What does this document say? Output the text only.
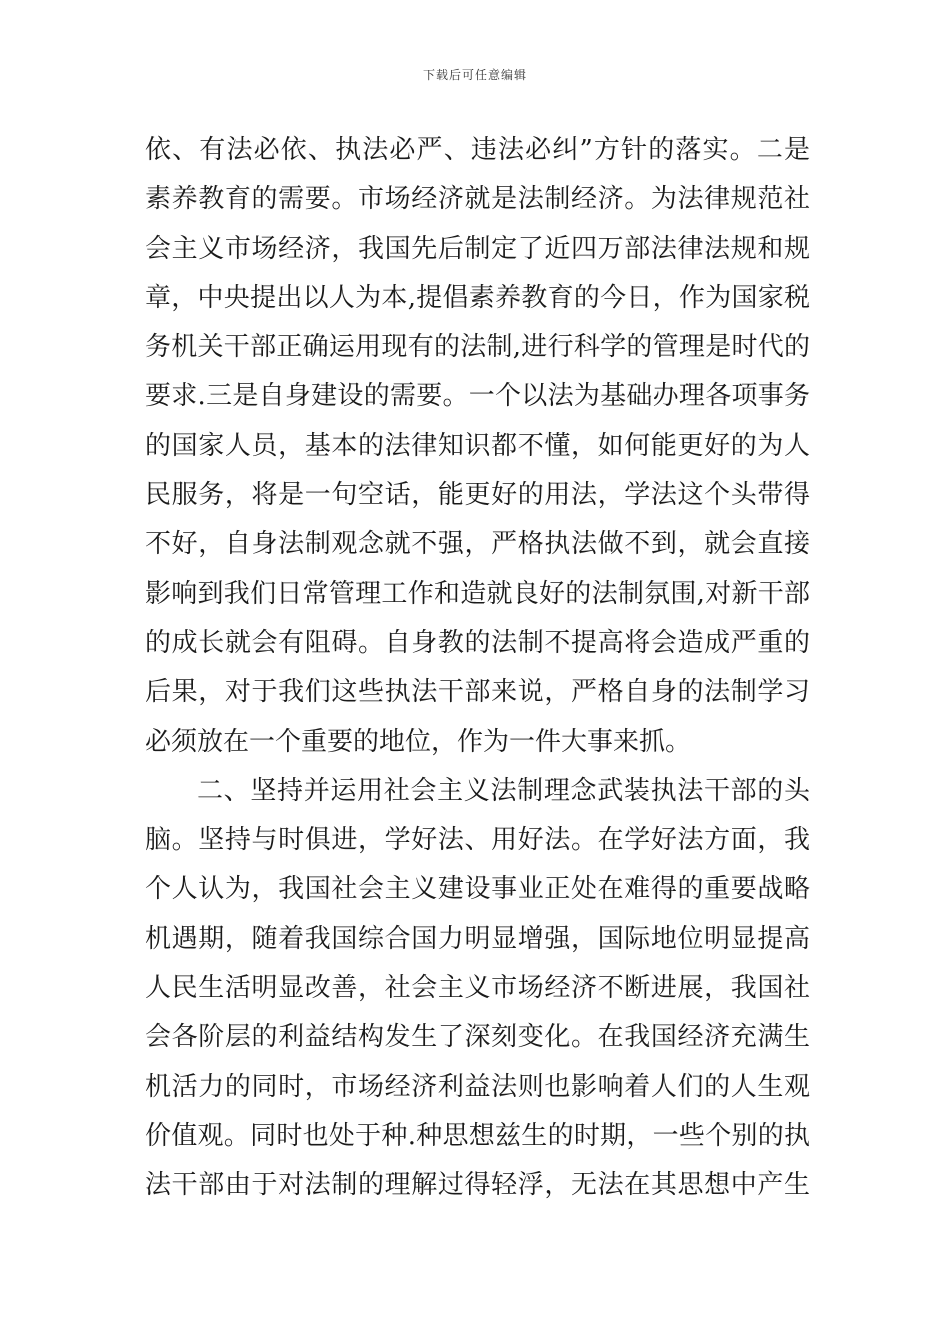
下载后可任意编辑
依、有法必依、执法必严、违法必纠”方针的落实。二是
素养教育的需要。市场经济就是法制经济。为法律规范社
会主义市场经济，我国先后制定了近四万部法律法规和规
章，中央提出以人为本,提倡素养教育的今日，作为国家税
务机关干部正确运用现有的法制,进行科学的管理是时代的
要求.三是自身建设的需要。一个以法为基础办理各项事务
的国家人员，基本的法律知识都不懂，如何能更好的为人
民服务，将是一句空话，能更好的用法，学法这个头带得
不好，自身法制观念就不强，严格执法做不到，就会直接
影响到我们日常管理工作和造就良好的法制氛围,对新干部
的成长就会有阻碍。自身教的法制不提高将会造成严重的
后果，对于我们这些执法干部来说，严格自身的法制学习
必须放在一个重要的地位，作为一件大事来抓。
二、坚持并运用社会主义法制理念武装执法干部的头
脑。坚持与时俱进，学好法、用好法。在学好法方面，我
个人认为，我国社会主义建设事业正处在难得的重要战略
机遇期，随着我国综合国力明显增强，国际地位明显提高
人民生活明显改善，社会主义市场经济不断进展，我国社
会各阶层的利益结构发生了深刻变化。在我国经济充满生
机活力的同时，市场经济利益法则也影响着人们的人生观
价值观。同时也处于种.种思想兹生的时期，一些个别的执
法干部由于对法制的理解过得轻浮，无法在其思想中产生
